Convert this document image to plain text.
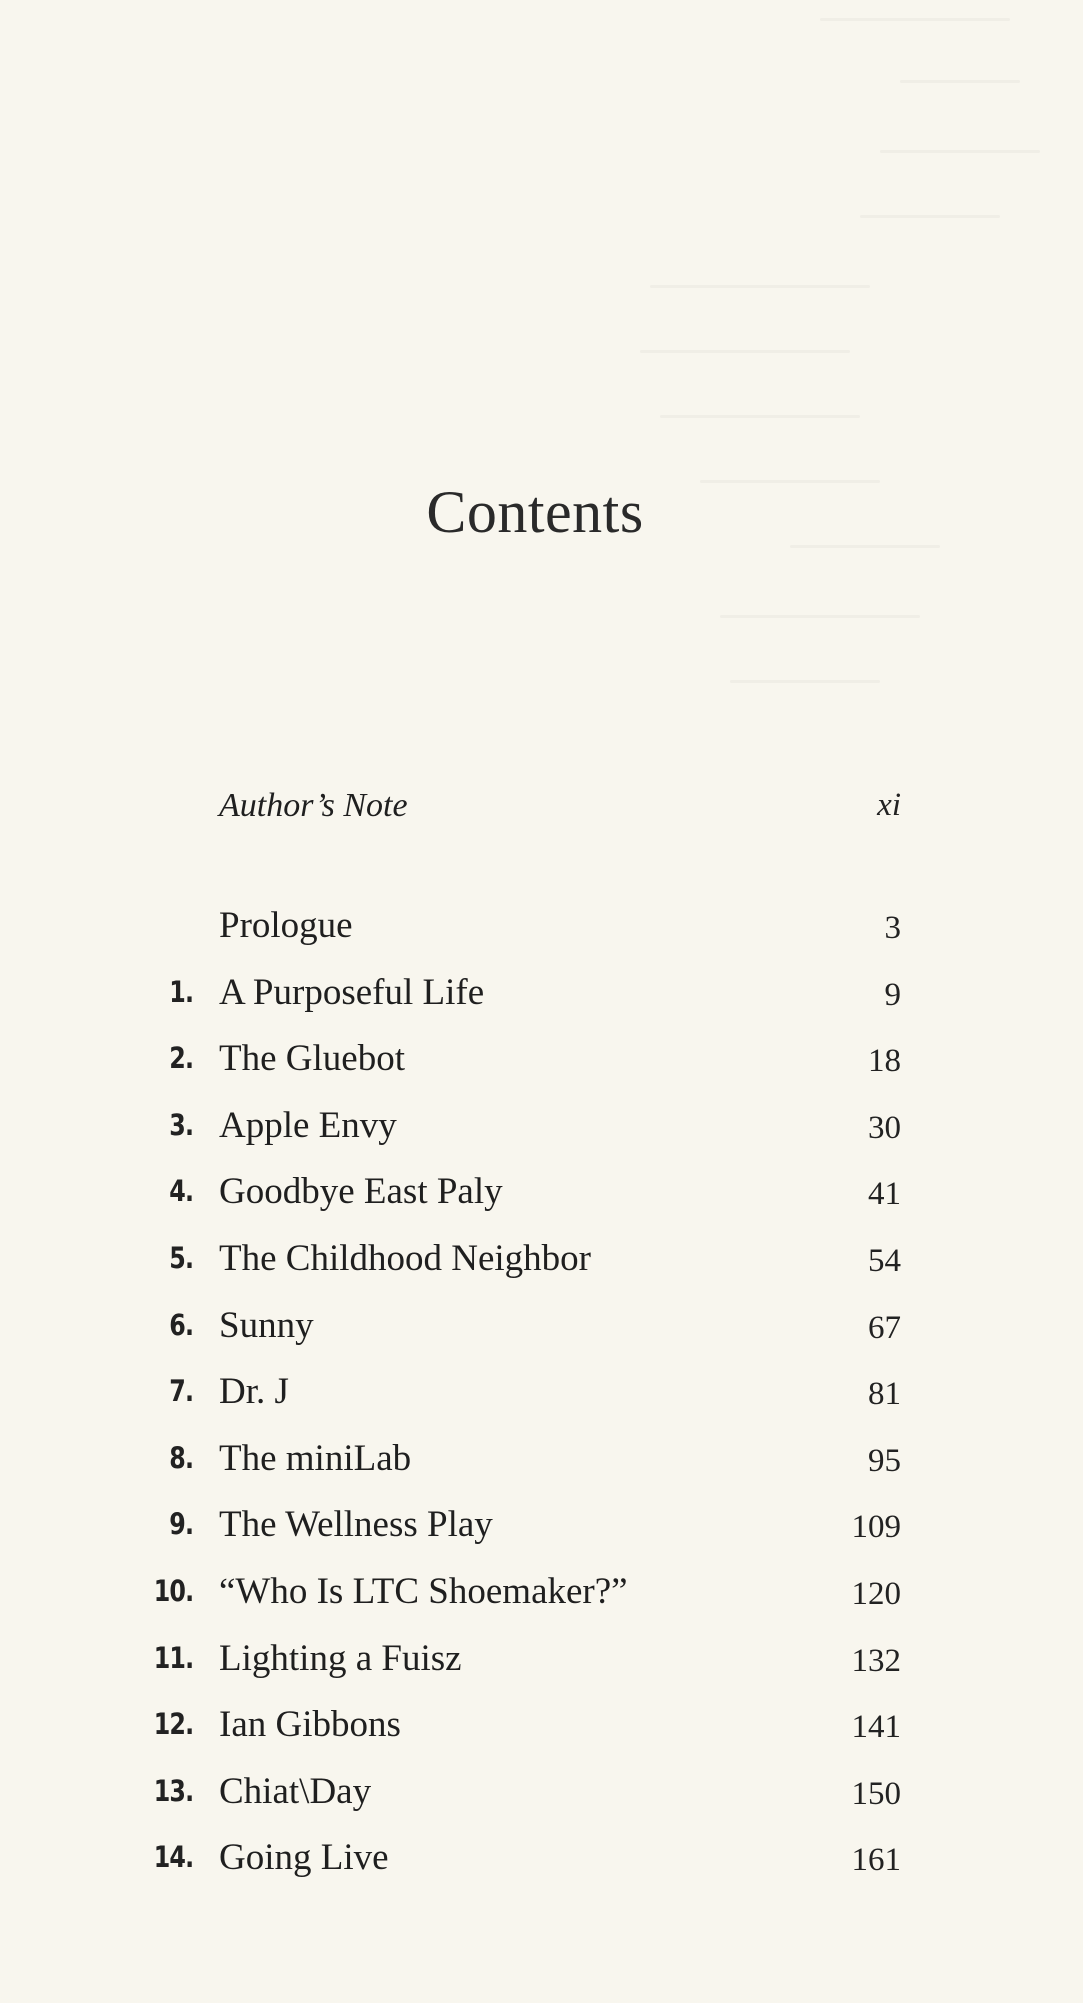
Contents
Author’s Note	xi
Prologue	3
1. A Purposeful Life	9
2. The Gluebot	18
3. Apple Envy	30
4. Goodbye East Paly	41
5. The Childhood Neighbor	54
6. Sunny	67
7. Dr. J	81
8. The miniLab	95
9. The Wellness Play	109
10. “Who Is LTC Shoemaker?”	120
11. Lighting a Fuisz	132
12. Ian Gibbons	141
13. Chiat\Day	150
14. Going Live	161
